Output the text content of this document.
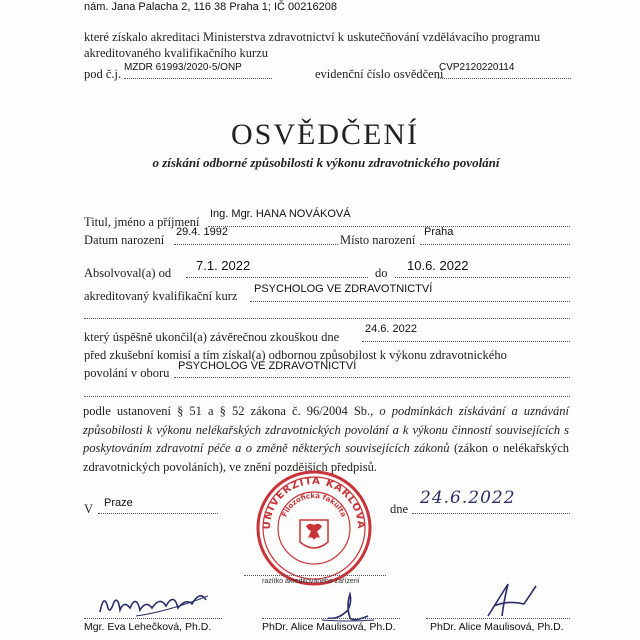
nám. Jana Palacha 2, 116 38 Praha 1; IČ 00216208
které získalo akreditaci Ministerstva zdravotnictví k uskutečňování vzdělávacího programu
akreditovaného kvalifikačního kurzu
pod č.j. MZDR 61993/2020-5/ONP	evidenční číslo osvědčení
CVP2120220114
OSVĚDČENÍ
o získání odborné způsobilosti k výkonu zdravotnického povolání
Titul, jméno a příjmení
Ing. Mgr. HANA NOVÁKOVÁ
Datum narození
29.4. 1992
Místo narození
Praha
Absolvoval(a) od 7.1. 2022	do 10.6. 2022
akreditovaný kvalifikační kurz PSYCHOLOG VE ZDRAVOTNICTVÍ
který úspěšně ukončil(a) závěrečnou zkouškou dne
24.6. 2022
před zkušební komisí a tím získal(a) odbornou způsobilost k výkonu zdravotnického
povolání v oboru PSYCHOLOG VE ZDRAVOTNICTVÍ
podle ustanovení § 51 a § 52 zákona č. 96/2004 Sb., o podmínkách získávání a uznávání způsobilosti k výkonu nelékařských zdravotnických povolání a k výkonu činností souvisejících s poskytováním zdravotní péče a o změně některých souvisejících zákonů (zákon o nelékařských zdravotnických povoláních), ve znění pozdějších předpisů.
V Praze	dne
24.6.2022
UNIVERZITA KARLOVA
Filozofická fakulta
razítko akreditovaného zařízení
Mgr. Eva Lehečková, Ph.D.	PhDr. Alice Maulisová, Ph.D.	PhDr. Alice Maulisová, Ph.D.
